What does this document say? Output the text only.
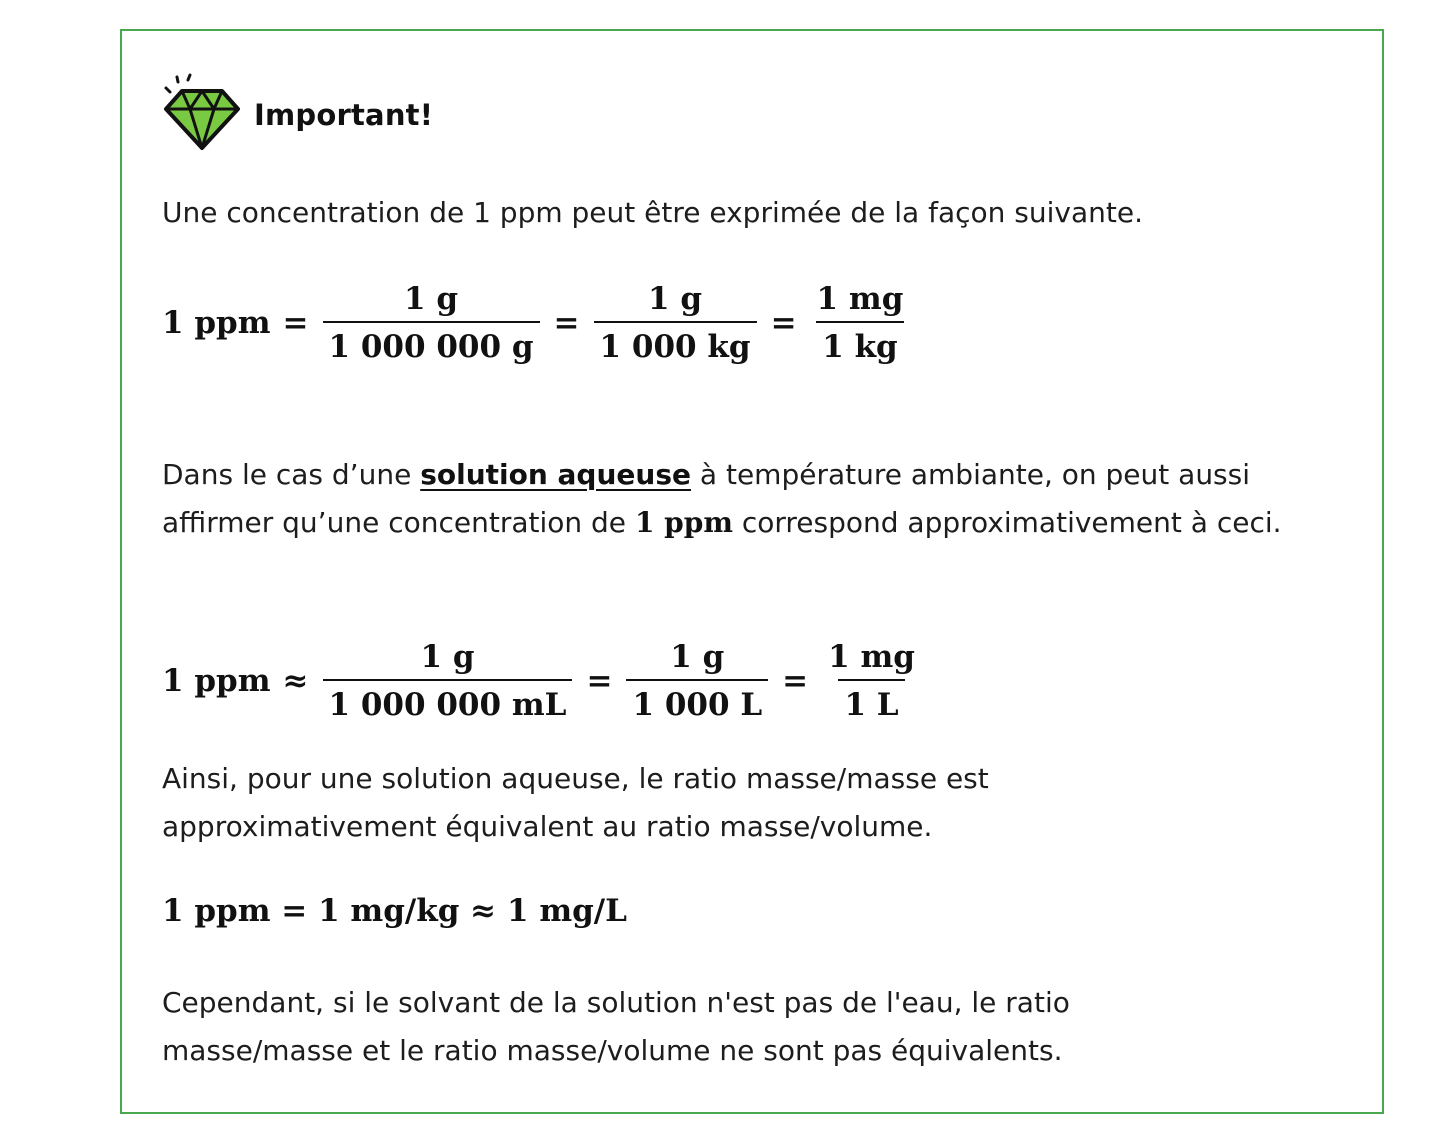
Important!

Une concentration de 1 ppm peut être exprimée de la façon suivante.

1 ppm = $\frac{1 g}{1 000 000 g} = \frac{1 g}{1 000 kg} = \frac{1 mg}{1 kg}$

Dans le cas d’une solution aqueuse à température ambiante, on peut aussi affirmer qu’une concentration de 1 ppm correspond approximativement à ceci.

1 ppm ≈ $\frac{1 g}{1 000 000 mL} = \frac{1 g}{1 000 L} = \frac{1 mg}{1 L}$

Ainsi, pour une solution aqueuse, le ratio masse/masse est approximativement équivalent au ratio masse/volume.

1 ppm = 1 mg/kg ≈ 1 mg/L

Cependant, si le solvant de la solution n'est pas de l'eau, le ratio masse/masse et le ratio masse/volume ne sont pas équivalents.
